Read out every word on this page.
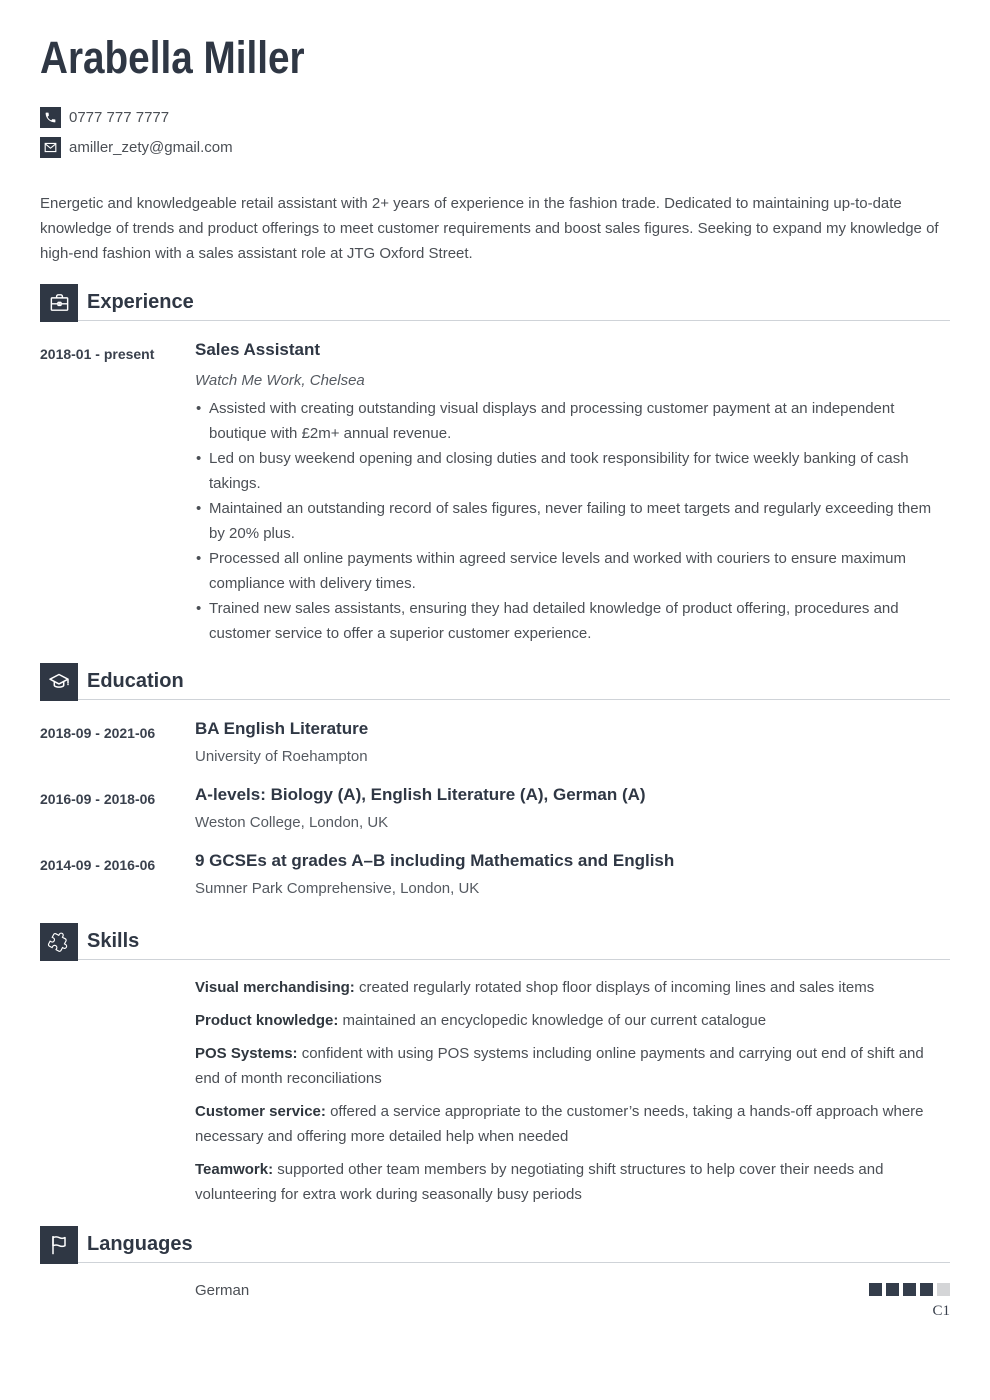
Arabella Miller
0777 777 7777
amiller_zety@gmail.com

Energetic and knowledgeable retail assistant with 2+ years of experience in the fashion trade. Dedicated to maintaining up-to-date knowledge of trends and product offerings to meet customer requirements and boost sales figures. Seeking to expand my knowledge of high-end fashion with a sales assistant role at JTG Oxford Street.

Experience
2018-01 - present	Sales Assistant
Watch Me Work, Chelsea
• Assisted with creating outstanding visual displays and processing customer payment at an independent boutique with £2m+ annual revenue.
• Led on busy weekend opening and closing duties and took responsibility for twice weekly banking of cash takings.
• Maintained an outstanding record of sales figures, never failing to meet targets and regularly exceeding them by 20% plus.
• Processed all online payments within agreed service levels and worked with couriers to ensure maximum compliance with delivery times.
• Trained new sales assistants, ensuring they had detailed knowledge of product offering, procedures and customer service to offer a superior customer experience.
Education
2018-09 - 2021-06	BA English Literature
University of Roehampton
2016-09 - 2018-06	A-levels: Biology (A), English Literature (A), German (A)
Weston College, London, UK
2014-09 - 2016-06	9 GCSEs at grades A–B including Mathematics and English
Sumner Park Comprehensive, London, UK
Skills
Visual merchandising: created regularly rotated shop floor displays of incoming lines and sales items
Product knowledge: maintained an encyclopedic knowledge of our current catalogue
POS Systems: confident with using POS systems including online payments and carrying out end of shift and end of month reconciliations
Customer service: offered a service appropriate to the customer’s needs, taking a hands-off approach where necessary and offering more detailed help when needed
Teamwork: supported other team members by negotiating shift structures to help cover their needs and volunteering for extra work during seasonally busy periods
Languages
German
C1
